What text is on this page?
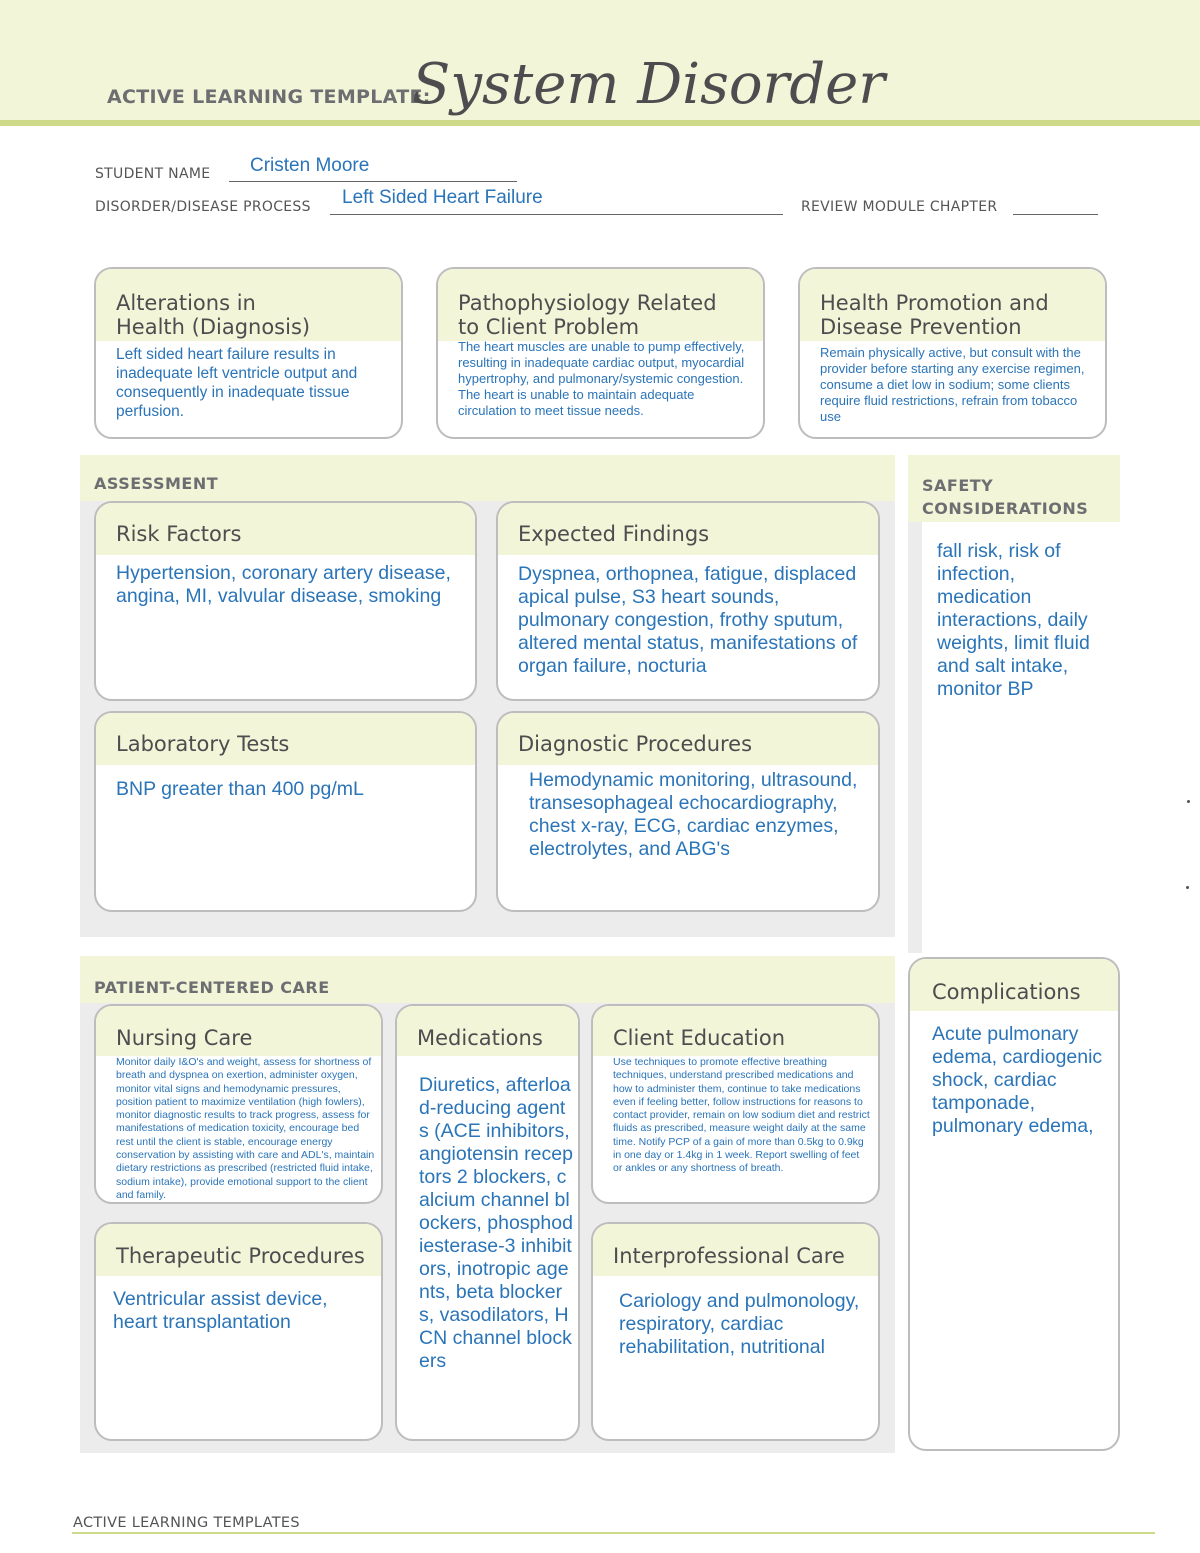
ACTIVE LEARNING TEMPLATE:
System Disorder
STUDENT NAME Cristen Moore
DISORDER/DISEASE PROCESS Left Sided Heart Failure	REVIEW MODULE CHAPTER
Alterations in
Health (Diagnosis)
Left sided heart failure results in inadequate left ventricle output and consequently in inadequate tissue perfusion.
Pathophysiology Related
to Client Problem
The heart muscles are unable to pump effectively, resulting in inadequate cardiac output, myocardial hypertrophy, and pulmonary/systemic congestion. The heart is unable to maintain adequate circulation to meet tissue needs.
Health Promotion and
Disease Prevention
Remain physically active, but consult with the provider before starting any exercise regimen, consume a diet low in sodium; some clients require fluid restrictions, refrain from tobacco use
ASSESSMENT
Risk Factors
Hypertension, coronary artery disease, angina, MI, valvular disease, smoking
Expected Findings
Dyspnea, orthopnea, fatigue, displaced apical pulse, S3 heart sounds, pulmonary congestion, frothy sputum, altered mental status, manifestations of organ failure, nocturia
Laboratory Tests
BNP greater than 400 pg/mL
Diagnostic Procedures
Hemodynamic monitoring, ultrasound, transesophageal echocardiography, chest x-ray, ECG, cardiac enzymes, electrolytes, and ABG's
SAFETY
CONSIDERATIONS
fall risk, risk of infection, medication interactions, daily weights, limit fluid and salt intake, monitor BP
PATIENT-CENTERED CARE
Nursing Care
Monitor daily I&O's and weight, assess for shortness of breath and dyspnea on exertion, administer oxygen, monitor vital signs and hemodynamic pressures, position patient to maximize ventilation (high fowlers), monitor diagnostic results to track progress, assess for manifestations of medication toxicity, encourage bed rest until the client is stable, encourage energy conservation by assisting with care and ADL's, maintain dietary restrictions as prescribed (restricted fluid intake, sodium intake), provide emotional support to the client and family.
Medications
Diuretics, afterload-reducing agents (ACE inhibitors, angiotensin receptors 2 blockers, calcium channel blockers, phosphodiesterase-3 inhibitors, inotropic agents, beta blockers, vasodilators, HCN channel blockers
Client Education
Use techniques to promote effective breathing techniques, understand prescribed medications and how to administer them, continue to take medications even if feeling better, follow instructions for reasons to contact provider, remain on low sodium diet and restrict fluids as prescribed, measure weight daily at the same time. Notify PCP of a gain of more than 0.5kg to 0.9kg in one day or 1.4kg in 1 week. Report swelling of feet or ankles or any shortness of breath.
Therapeutic Procedures
Ventricular assist device, heart transplantation
Interprofessional Care
Cariology and pulmonology, respiratory, cardiac rehabilitation, nutritional
Complications
Acute pulmonary edema, cardiogenic shock, cardiac tamponade, pulmonary edema,
ACTIVE LEARNING TEMPLATES
